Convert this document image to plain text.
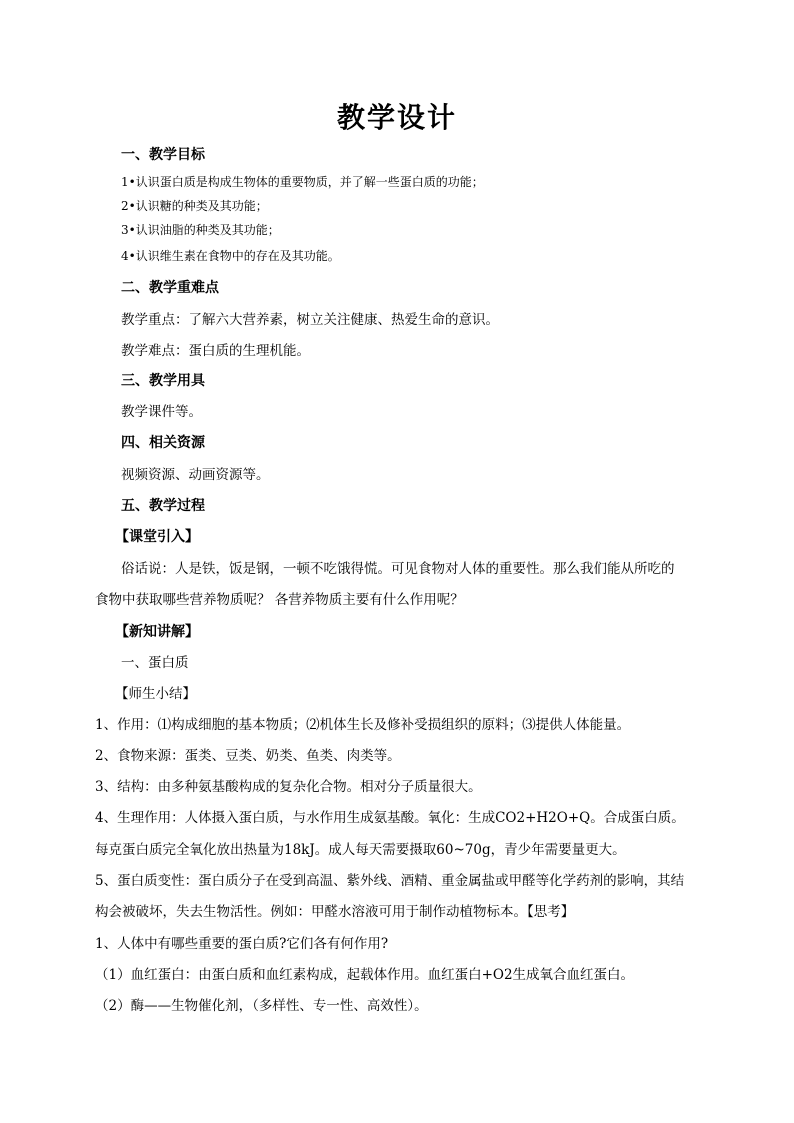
教学设计
一、教学目标
1•认识蛋白质是构成生物体的重要物质，并了解一些蛋白质的功能；
2•认识糖的种类及其功能；
3•认识油脂的种类及其功能；
4•认识维生素在食物中的存在及其功能。
二、教学重难点
教学重点：了解六大营养素，树立关注健康、热爱生命的意识。
教学难点：蛋白质的生理机能。
三、教学用具
教学课件等。
四、相关资源
视频资源、动画资源等。
五、教学过程
【课堂引入】
俗话说：人是铁，饭是钢，一顿不吃饿得慌。可见食物对人体的重要性。那么我们能从所吃的
食物中获取哪些营养物质呢？ 各营养物质主要有什么作用呢？
【新知讲解】
一、蛋白质
【师生小结】
1、作用：⑴构成细胞的基本物质；⑵机体生长及修补受损组织的原料；⑶提供人体能量。
2、食物来源：蛋类、豆类、奶类、鱼类、肉类等。
3、结构：由多种氨基酸构成的复杂化合物。相对分子质量很大。
4、生理作用：人体摄入蛋白质，与水作用生成氨基酸。氧化：生成CO2+H2O+Q。合成蛋白质。
每克蛋白质完全氧化放出热量为18kJ。成人每天需要摄取60~70g，青少年需要量更大。
5、蛋白质变性：蛋白质分子在受到高温、紫外线、酒精、重金属盐或甲醛等化学药剂的影响，其结
构会被破坏，失去生物活性。例如：甲醛水溶液可用于制作动植物标本。【思考】
1、人体中有哪些重要的蛋白质?它们各有何作用?
（1）血红蛋白：由蛋白质和血红素构成，起载体作用。血红蛋白+O2生成氧合血红蛋白。
（2）酶——生物催化剂，（多样性、专一性、高效性）。
